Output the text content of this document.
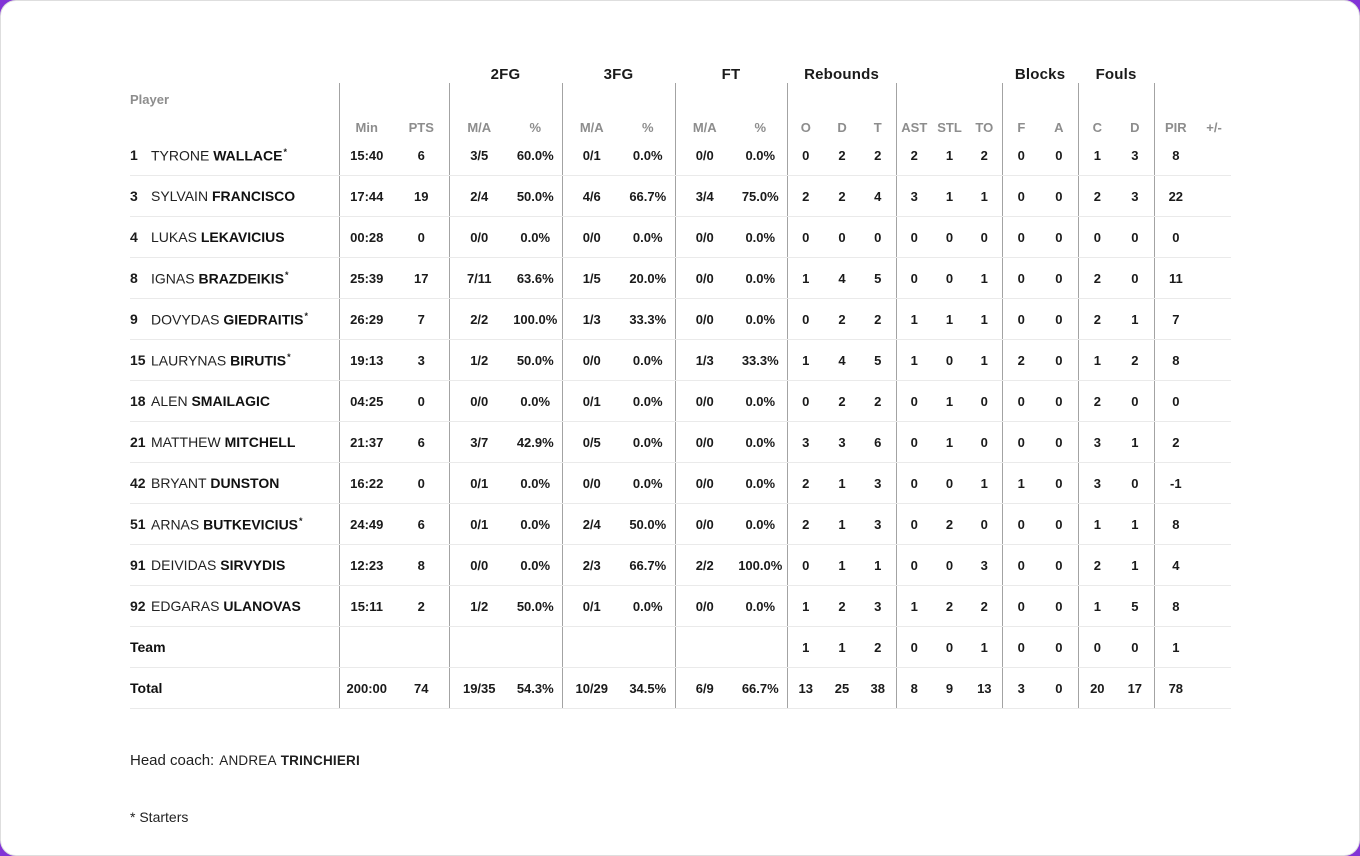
			2FG		3FG		FT		Rebounds						Blocks		Fouls			
Player	Min	PTS	M/A	%	M/A	%	M/A	%	O	D	T	AST	STL	TO	F	A	C	D	PIR	+/-
1 TYRONE WALLACE*	15:40	6	3/5	60.0%	0/1	0.0%	0/0	0.0%	0	2	2	2	1	2	0	0	1	3	8	
3 SYLVAIN FRANCISCO	17:44	19	2/4	50.0%	4/6	66.7%	3/4	75.0%	2	2	4	3	1	1	0	0	2	3	22	
4 LUKAS LEKAVICIUS	00:28	0	0/0	0.0%	0/0	0.0%	0/0	0.0%	0	0	0	0	0	0	0	0	0	0	0	
8 IGNAS BRAZDEIKIS*	25:39	17	7/11	63.6%	1/5	20.0%	0/0	0.0%	1	4	5	0	0	1	0	0	2	0	11	
9 DOVYDAS GIEDRAITIS*	26:29	7	2/2	100.0%	1/3	33.3%	0/0	0.0%	0	2	2	1	1	1	0	0	2	1	7	
15 LAURYNAS BIRUTIS*	19:13	3	1/2	50.0%	0/0	0.0%	1/3	33.3%	1	4	5	1	0	1	2	0	1	2	8	
18 ALEN SMAILAGIC	04:25	0	0/0	0.0%	0/1	0.0%	0/0	0.0%	0	2	2	0	1	0	0	0	2	0	0	
21 MATTHEW MITCHELL	21:37	6	3/7	42.9%	0/5	0.0%	0/0	0.0%	3	3	6	0	1	0	0	0	3	1	2	
42 BRYANT DUNSTON	16:22	0	0/1	0.0%	0/0	0.0%	0/0	0.0%	2	1	3	0	0	1	1	0	3	0	-1	
51 ARNAS BUTKEVICIUS*	24:49	6	0/1	0.0%	2/4	50.0%	0/0	0.0%	2	1	3	0	2	0	0	0	1	1	8	
91 DEIVIDAS SIRVYDIS	12:23	8	0/0	0.0%	2/3	66.7%	2/2	100.0%	0	1	1	0	0	3	0	0	2	1	4	
92 EDGARAS ULANOVAS	15:11	2	1/2	50.0%	0/1	0.0%	0/0	0.0%	1	2	3	1	2	2	0	0	1	5	8	
Team									1	1	2	0	0	1	0	0	0	0	1	
Total	200:00	74	19/35	54.3%	10/29	34.5%	6/9	66.7%	13	25	38	8	9	13	3	0	20	17	78	
Head coach: ANDREA TRINCHIERI
* Starters
